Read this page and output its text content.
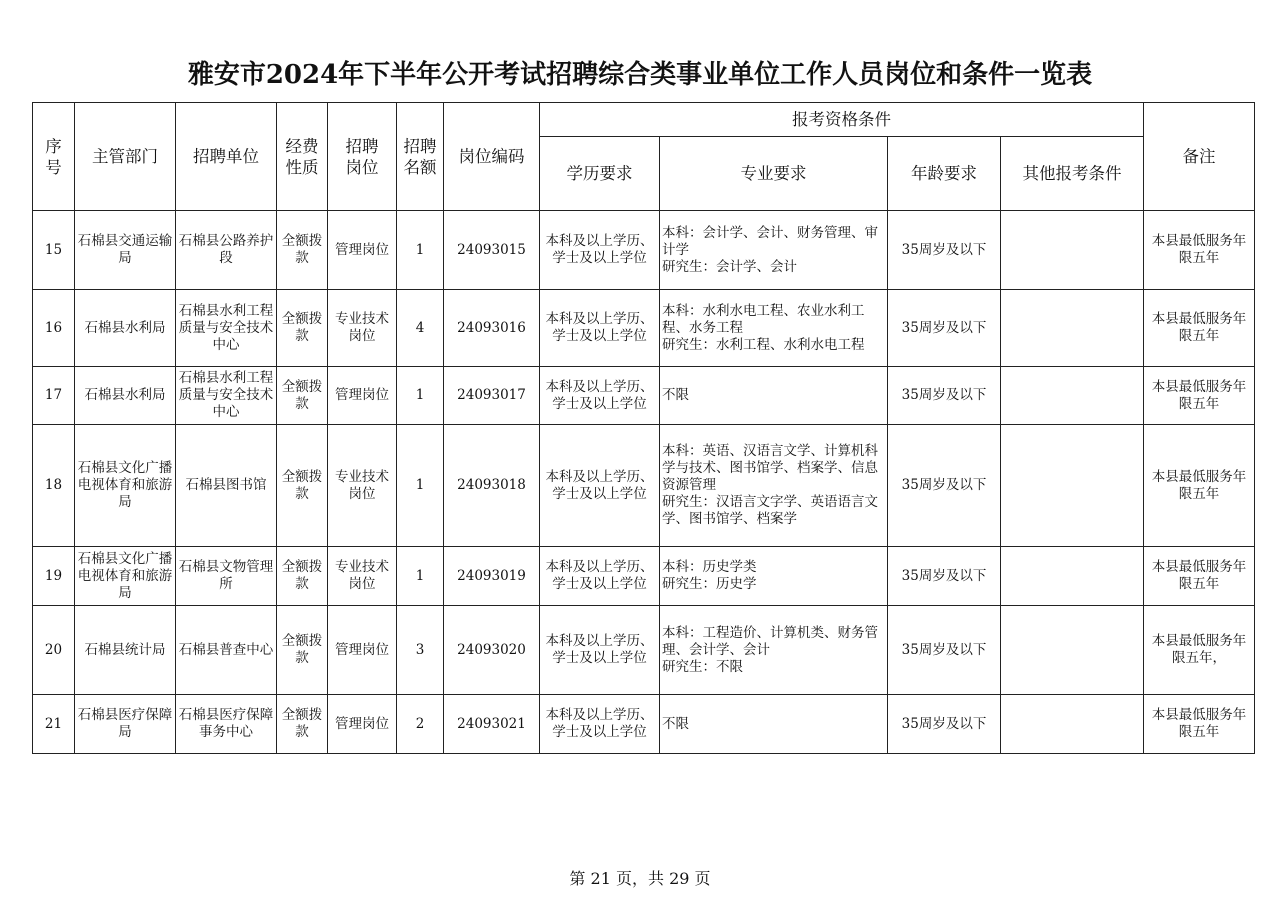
雅安市2024年下半年公开考试招聘综合类事业单位工作人员岗位和条件一览表
序号	主管部门	招聘单位	经费性质	招聘岗位	招聘名额	岗位编码	报考资格条件				备注
							学历要求	专业要求	年龄要求	其他报考条件	

15	石棉县交通运输局	石棉县公路养护段	全额拨款	管理岗位	1	24093015	本科及以上学历、学士及以上学位	本科：会计学、会计、财务管理、审计学
研究生：会计学、会计	35周岁及以下		本县最低服务年限五年

16	石棉县水利局	石棉县水利工程质量与安全技术中心	全额拨款	专业技术岗位	4	24093016	本科及以上学历、学士及以上学位	本科：水利水电工程、农业水利工程、水务工程
研究生：水利工程、水利水电工程	35周岁及以下		本县最低服务年限五年

17	石棉县水利局	石棉县水利工程质量与安全技术中心	全额拨款	管理岗位	1	24093017	本科及以上学历、学士及以上学位	不限	35周岁及以下		本县最低服务年限五年

18	石棉县文化广播电视体育和旅游局	石棉县图书馆	全额拨款	专业技术岗位	1	24093018	本科及以上学历、学士及以上学位	本科：英语、汉语言文学、计算机科学与技术、图书馆学、档案学、信息资源管理
研究生：汉语言文字学、英语语言文学、图书馆学、档案学	35周岁及以下		本县最低服务年限五年

19	石棉县文化广播电视体育和旅游局	石棉县文物管理所	全额拨款	专业技术岗位	1	24093019	本科及以上学历、学士及以上学位	本科：历史学类
研究生：历史学	35周岁及以下		本县最低服务年限五年

20	石棉县统计局	石棉县普查中心	全额拨款	管理岗位	3	24093020	本科及以上学历、学士及以上学位	本科：工程造价、计算机类、财务管理、会计学、会计
研究生：不限	35周岁及以下		本县最低服务年限五年，

21	石棉县医疗保障局	石棉县医疗保障事务中心	全额拨款	管理岗位	2	24093021	本科及以上学历、学士及以上学位	不限	35周岁及以下		本县最低服务年限五年
第 21 页，共 29 页
